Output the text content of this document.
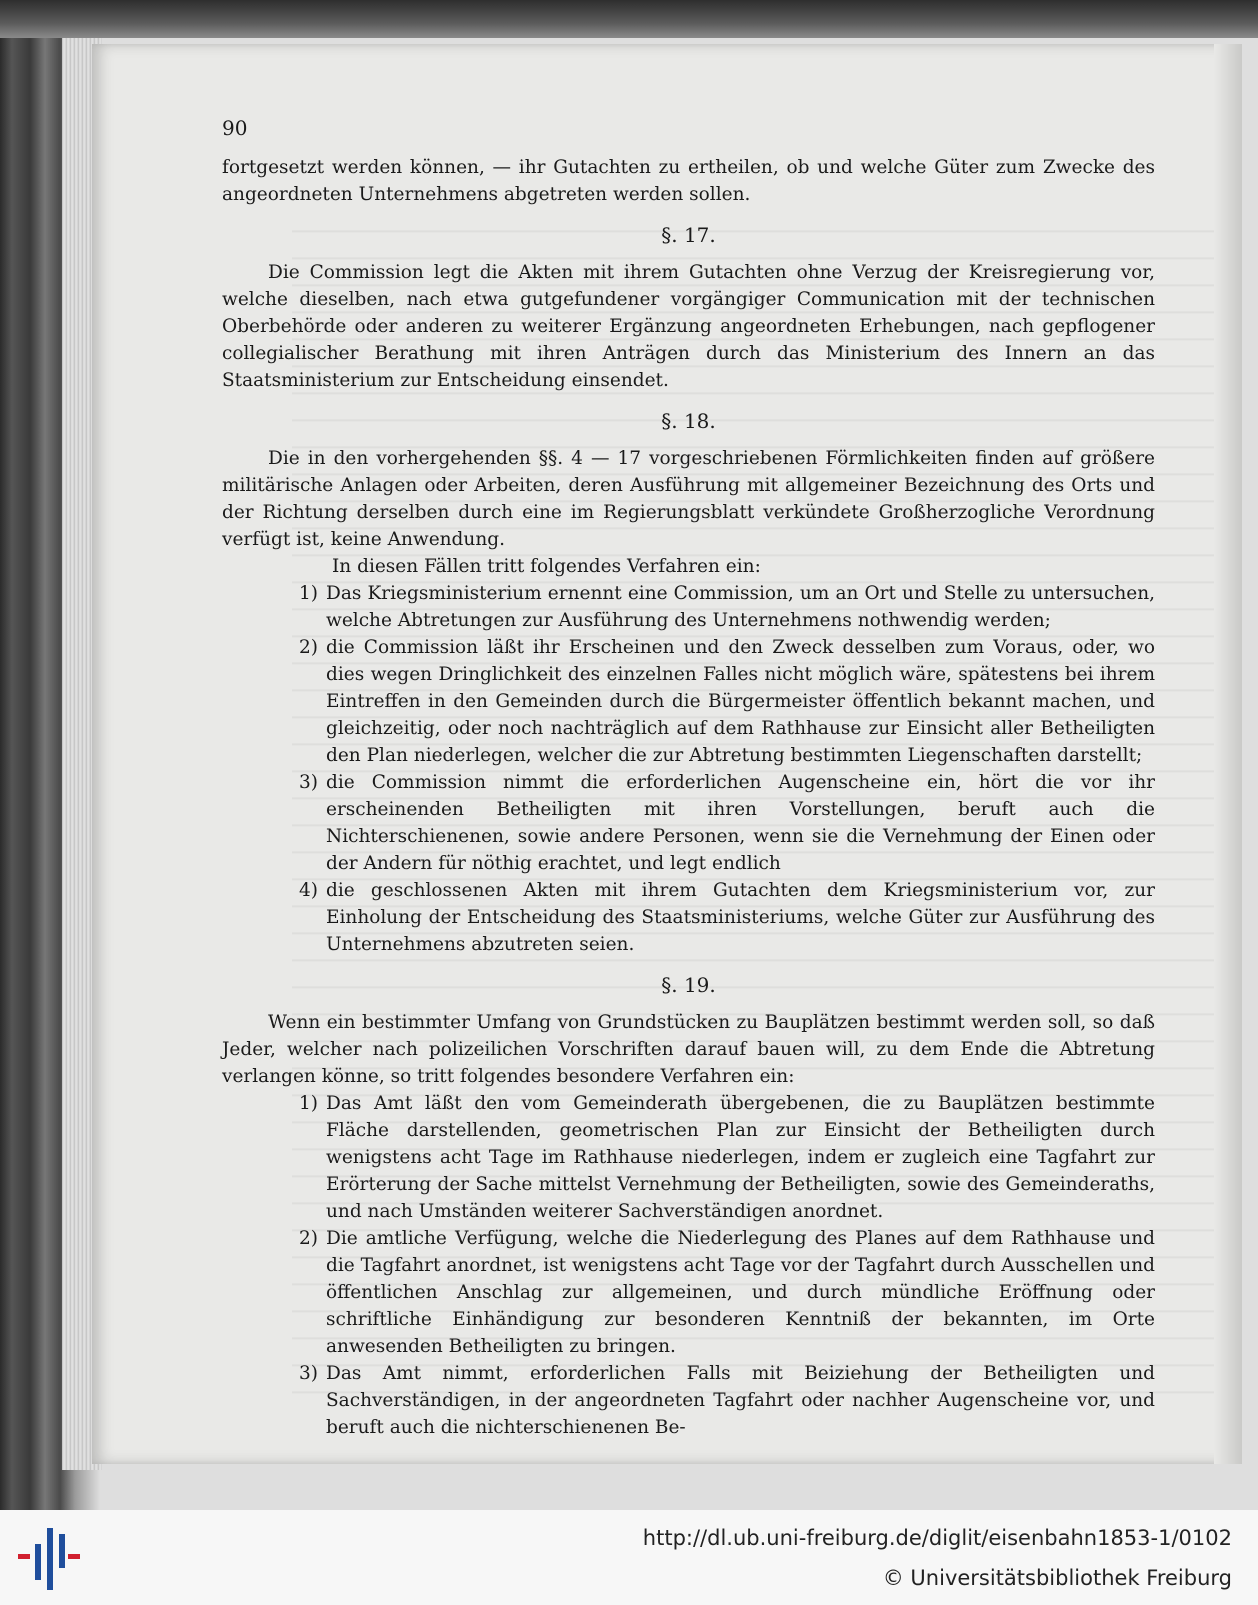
90

fortgesetzt werden können, — ihr Gutachten zu ertheilen, ob und welche Güter zum Zwecke des angeordneten Unternehmens abgetreten werden sollen.

§. 17.

Die Commission legt die Akten mit ihrem Gutachten ohne Verzug der Kreisregierung vor, welche dieselben, nach etwa gutgefundener vorgängiger Communication mit der technischen Oberbehörde oder anderen zu weiterer Ergänzung angeordneten Erhebungen, nach gepflogener collegialischer Berathung mit ihren Anträgen durch das Ministerium des Innern an das Staatsministerium zur Entscheidung einsendet.

§. 18.

Die in den vorhergehenden §§. 4 — 17 vorgeschriebenen Förmlichkeiten finden auf größere militärische Anlagen oder Arbeiten, deren Ausführung mit allgemeiner Bezeichnung des Orts und der Richtung derselben durch eine im Regierungsblatt verkündete Großherzogliche Verordnung verfügt ist, keine Anwendung.

In diesen Fällen tritt folgendes Verfahren ein:

1) Das Kriegsministerium ernennt eine Commission, um an Ort und Stelle zu untersuchen, welche Abtretungen zur Ausführung des Unternehmens nothwendig werden;
2) die Commission läßt ihr Erscheinen und den Zweck desselben zum Voraus, oder, wo dies wegen Dringlichkeit des einzelnen Falles nicht möglich wäre, spätestens bei ihrem Eintreffen in den Gemeinden durch die Bürgermeister öffentlich bekannt machen, und gleichzeitig, oder noch nachträglich auf dem Rathhause zur Einsicht aller Betheiligten den Plan niederlegen, welcher die zur Abtretung bestimmten Liegenschaften darstellt;
3) die Commission nimmt die erforderlichen Augenscheine ein, hört die vor ihr erscheinenden Betheiligten mit ihren Vorstellungen, beruft auch die Nichterschienenen, sowie andere Personen, wenn sie die Vernehmung der Einen oder der Andern für nöthig erachtet, und legt endlich
4) die geschlossenen Akten mit ihrem Gutachten dem Kriegsministerium vor, zur Einholung der Entscheidung des Staatsministeriums, welche Güter zur Ausführung des Unternehmens abzutreten seien.
§. 19.

Wenn ein bestimmter Umfang von Grundstücken zu Bauplätzen bestimmt werden soll, so daß Jeder, welcher nach polizeilichen Vorschriften darauf bauen will, zu dem Ende die Abtretung verlangen könne, so tritt folgendes besondere Verfahren ein:

1) Das Amt läßt den vom Gemeinderath übergebenen, die zu Bauplätzen bestimmte Fläche darstellenden, geometrischen Plan zur Einsicht der Betheiligten durch wenigstens acht Tage im Rathhause niederlegen, indem er zugleich eine Tagfahrt zur Erörterung der Sache mittelst Vernehmung der Betheiligten, sowie des Gemeinderaths, und nach Umständen weiterer Sachverständigen anordnet.
2) Die amtliche Verfügung, welche die Niederlegung des Planes auf dem Rathhause und die Tagfahrt anordnet, ist wenigstens acht Tage vor der Tagfahrt durch Ausschellen und öffentlichen Anschlag zur allgemeinen, und durch mündliche Eröffnung oder schriftliche Einhändigung zur besonderen Kenntniß der bekannten, im Orte anwesenden Betheiligten zu bringen.
3) Das Amt nimmt, erforderlichen Falls mit Beiziehung der Betheiligten und Sachverständigen, in der angeordneten Tagfahrt oder nachher Augenscheine vor, und beruft auch die nichterschienenen Be-
http://dl.ub.uni-freiburg.de/diglit/eisenbahn1853-1/0102
© Universitätsbibliothek Freiburg
